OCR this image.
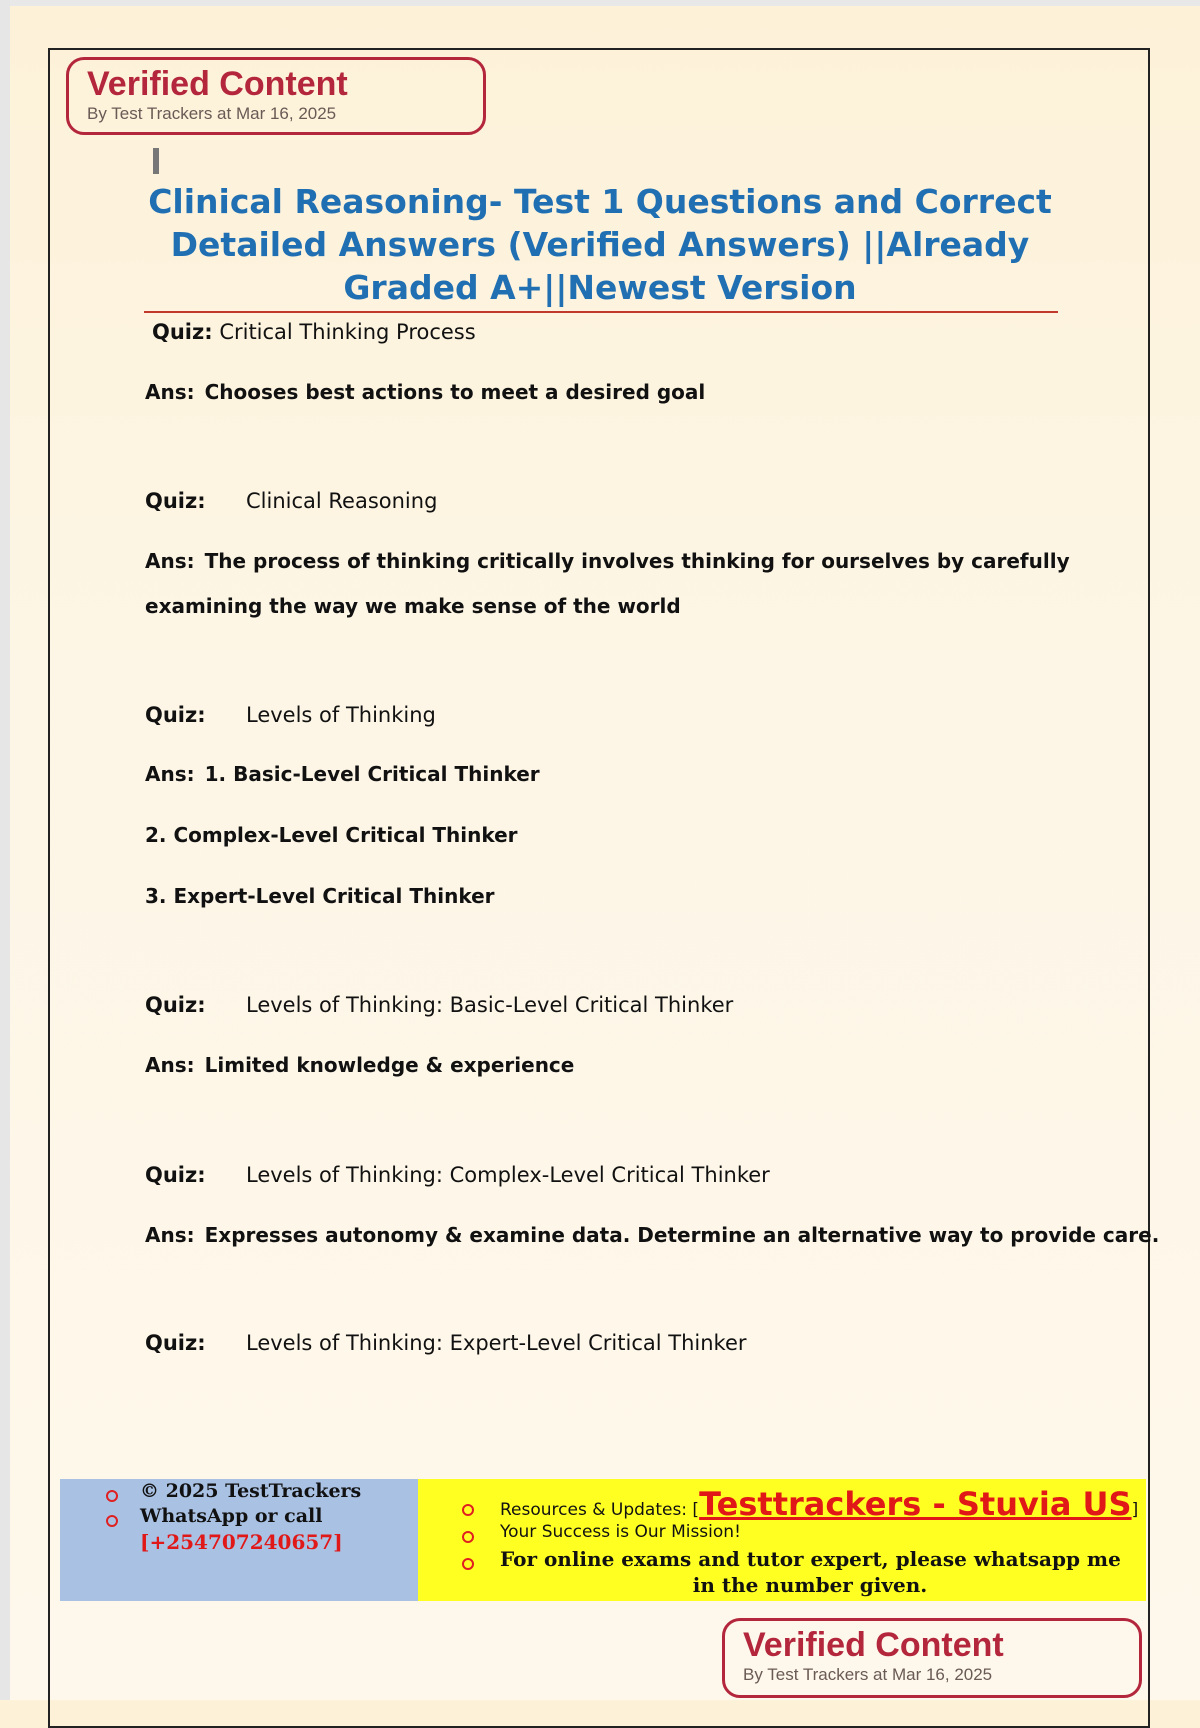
Verified Content
By Test Trackers at Mar 16, 2025
Clinical Reasoning- Test 1 Questions and Correct
Detailed Answers (Verified Answers) ||Already
Graded A+||Newest Version
Quiz: Critical Thinking Process
Ans: Chooses best actions to meet a desired goal
Quiz: Clinical Reasoning
Ans: The process of thinking critically involves thinking for ourselves by carefully
examining the way we make sense of the world
Quiz: Levels of Thinking
Ans: 1. Basic-Level Critical Thinker
2. Complex-Level Critical Thinker
3. Expert-Level Critical Thinker
Quiz: Levels of Thinking: Basic-Level Critical Thinker
Ans: Limited knowledge & experience
Quiz: Levels of Thinking: Complex-Level Critical Thinker
Ans: Expresses autonomy & examine data. Determine an alternative way to provide care.
Quiz: Levels of Thinking: Expert-Level Critical Thinker
© 2025 TestTrackers
WhatsApp or call
[+254707240657]
Resources & Updates: [Testtrackers - Stuvia US]
Your Success is Our Mission!
For online exams and tutor expert, please whatsapp me
in the number given.
Verified Content
By Test Trackers at Mar 16, 2025
